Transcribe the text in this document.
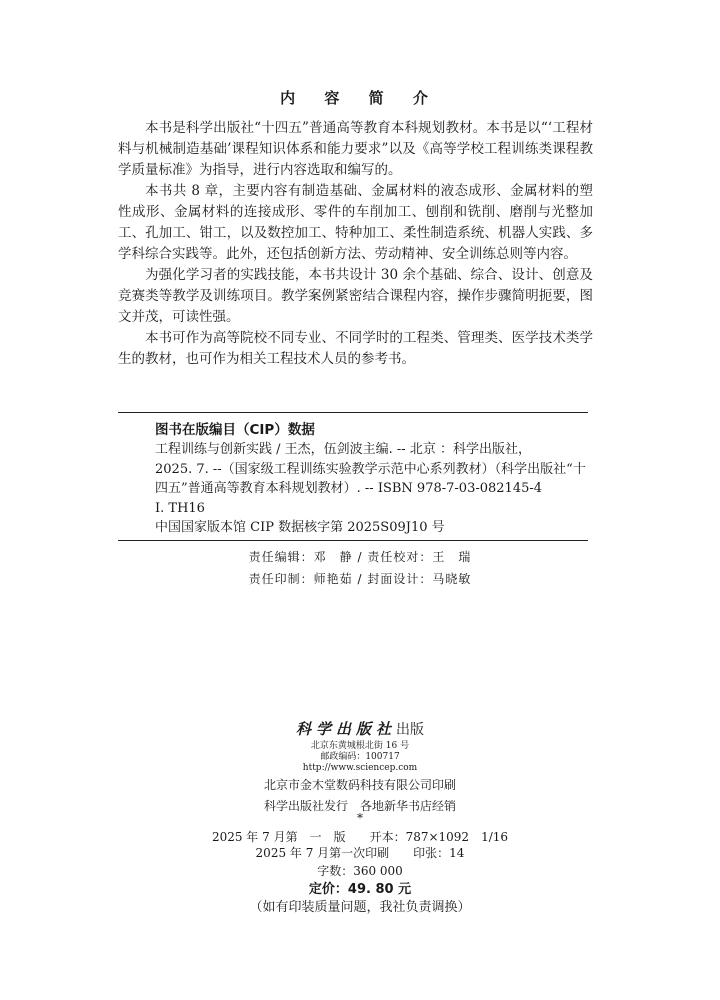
内 容 简 介

本书是科学出版社“十四五”普通高等教育本科规划教材。本书是以“‘工程材料与机械制造基础’课程知识体系和能力要求”以及《高等学校工程训练类课程教学质量标准》为指导，进行内容选取和编写的。

本书共 8 章，主要内容有制造基础、金属材料的液态成形、金属材料的塑性成形、金属材料的连接成形、零件的车削加工、刨削和铣削、磨削与光整加工、孔加工、钳工，以及数控加工、特种加工、柔性制造系统、机器人实践、多学科综合实践等。此外，还包括创新方法、劳动精神、安全训练总则等内容。

为强化学习者的实践技能，本书共设计 30 余个基础、综合、设计、创意及竞赛类等教学及训练项目。教学案例紧密结合课程内容，操作步骤简明扼要，图文并茂，可读性强。

本书可作为高等院校不同专业、不同学时的工程类、管理类、医学技术类学生的教材，也可作为相关工程技术人员的参考书。

图书在版编目（CIP）数据
工程训练与创新实践 / 王杰，伍剑波主编. -- 北京 ：科学出版社，
2025. 7. --（国家级工程训练实验教学示范中心系列教材）（科学出版社“十
四五”普通高等教育本科规划教材）. -- ISBN 978-7-03-082145-4
Ⅰ. TH16
中国国家版本馆 CIP 数据核字第 2025S09J10 号
责任编辑：邓　静 / 责任校对：王　瑞
责任印制：师艳茹 / 封面设计：马晓敏
科学出版社出版
北京东黄城根北街 16 号
邮政编码：100717
http://www.sciencep.com
北京市金木堂数码科技有限公司印刷
科学出版社发行　各地新华书店经销
*
2025 年 7 月第　一　版　　开本：787×1092　1/16
2025 年 7 月第一次印刷　　印张：14
字数：360 000
定价：49. 80 元
（如有印装质量问题，我社负责调换）
